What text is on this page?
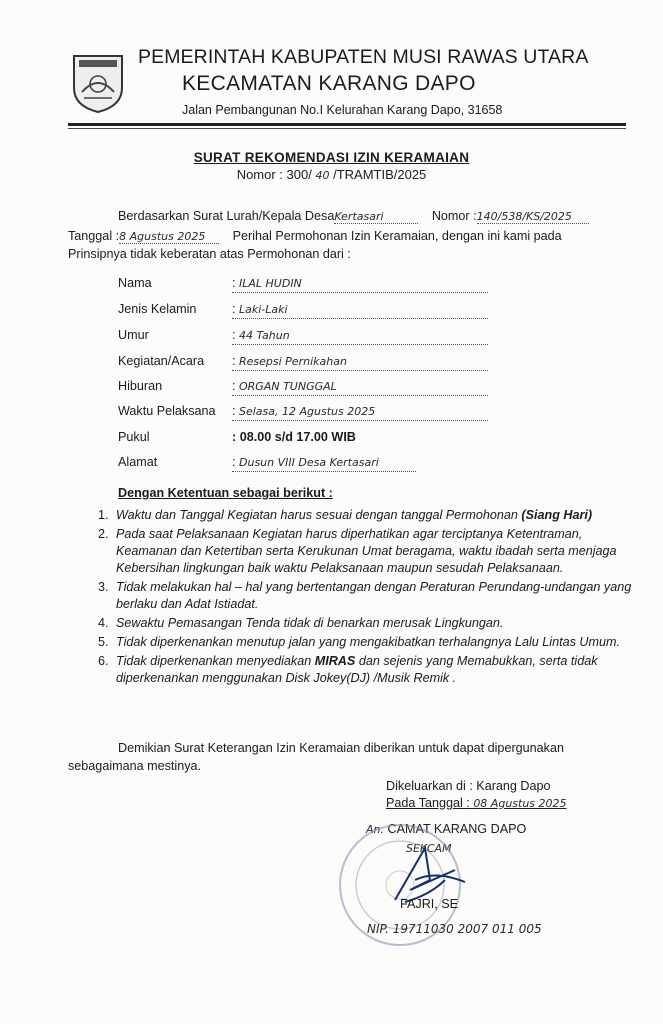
PEMERINTAH KABUPATEN MUSI RAWAS UTARA
KECAMATAN KARANG DAPO
Jalan Pembangunan No.I Kelurahan Karang Dapo, 31658
SURAT REKOMENDASI IZIN KERAMAIAN
Nomor : 300/ 40 /TRAMTIB/2025
Berdasarkan Surat Lurah/Kepala DesaKertasari	Nomor :140/538/KS/2025
Tanggal :8 Agustus 2025 Perihal Permohonan Izin Keramaian, dengan ini kami pada
Prinsipnya tidak keberatan atas Permohonan dari :
Nama	: ILAL HUDIN
Jenis Kelamin	: Laki-Laki
Umur	: 44 Tahun
Kegiatan/Acara : Resepsi Pernikahan
Hiburan	: ORGAN TUNGGAL
Waktu Pelaksana : Selasa, 12 Agustus 2025
Pukul	: 08.00 s/d 17.00 WIB
Alamat	: Dusun VIII Desa Kertasari
Dengan Ketentuan sebagai berikut :
1. Waktu dan Tanggal Kegiatan harus sesuai dengan tanggal Permohonan (Siang Hari)
2. Pada saat Pelaksanaan Kegiatan harus diperhatikan agar terciptanya Ketentraman, Keamanan dan Ketertiban serta Kerukunan Umat beragama, waktu ibadah serta menjaga Kebersihan lingkungan baik waktu Pelaksanaan maupun sesudah Pelaksanaan.
3. Tidak melakukan hal – hal yang bertentangan dengan Peraturan Perundang-undangan yang berlaku dan Adat Istiadat.
4. Sewaktu Pemasangan Tenda tidak di benarkan merusak Lingkungan.
5. Tidak diperkenankan menutup jalan yang mengakibatkan terhalangnya Lalu Lintas Umum.
6. Tidak diperkenankan menyediakan MIRAS dan sejenis yang Memabukkan, serta tidak diperkenankan menggunakan Disk Jokey(DJ) /Musik Remik .
Demikian Surat Keterangan Izin Keramaian diberikan untuk dapat dipergunakan
sebagaimana mestinya.
Dikeluarkan di : Karang Dapo
Pada Tanggal : 08 Agustus 2025
An. CAMAT KARANG DAPO
SEKCAM
FAJRI, SE
NIP. 19711030 2007 011 005
